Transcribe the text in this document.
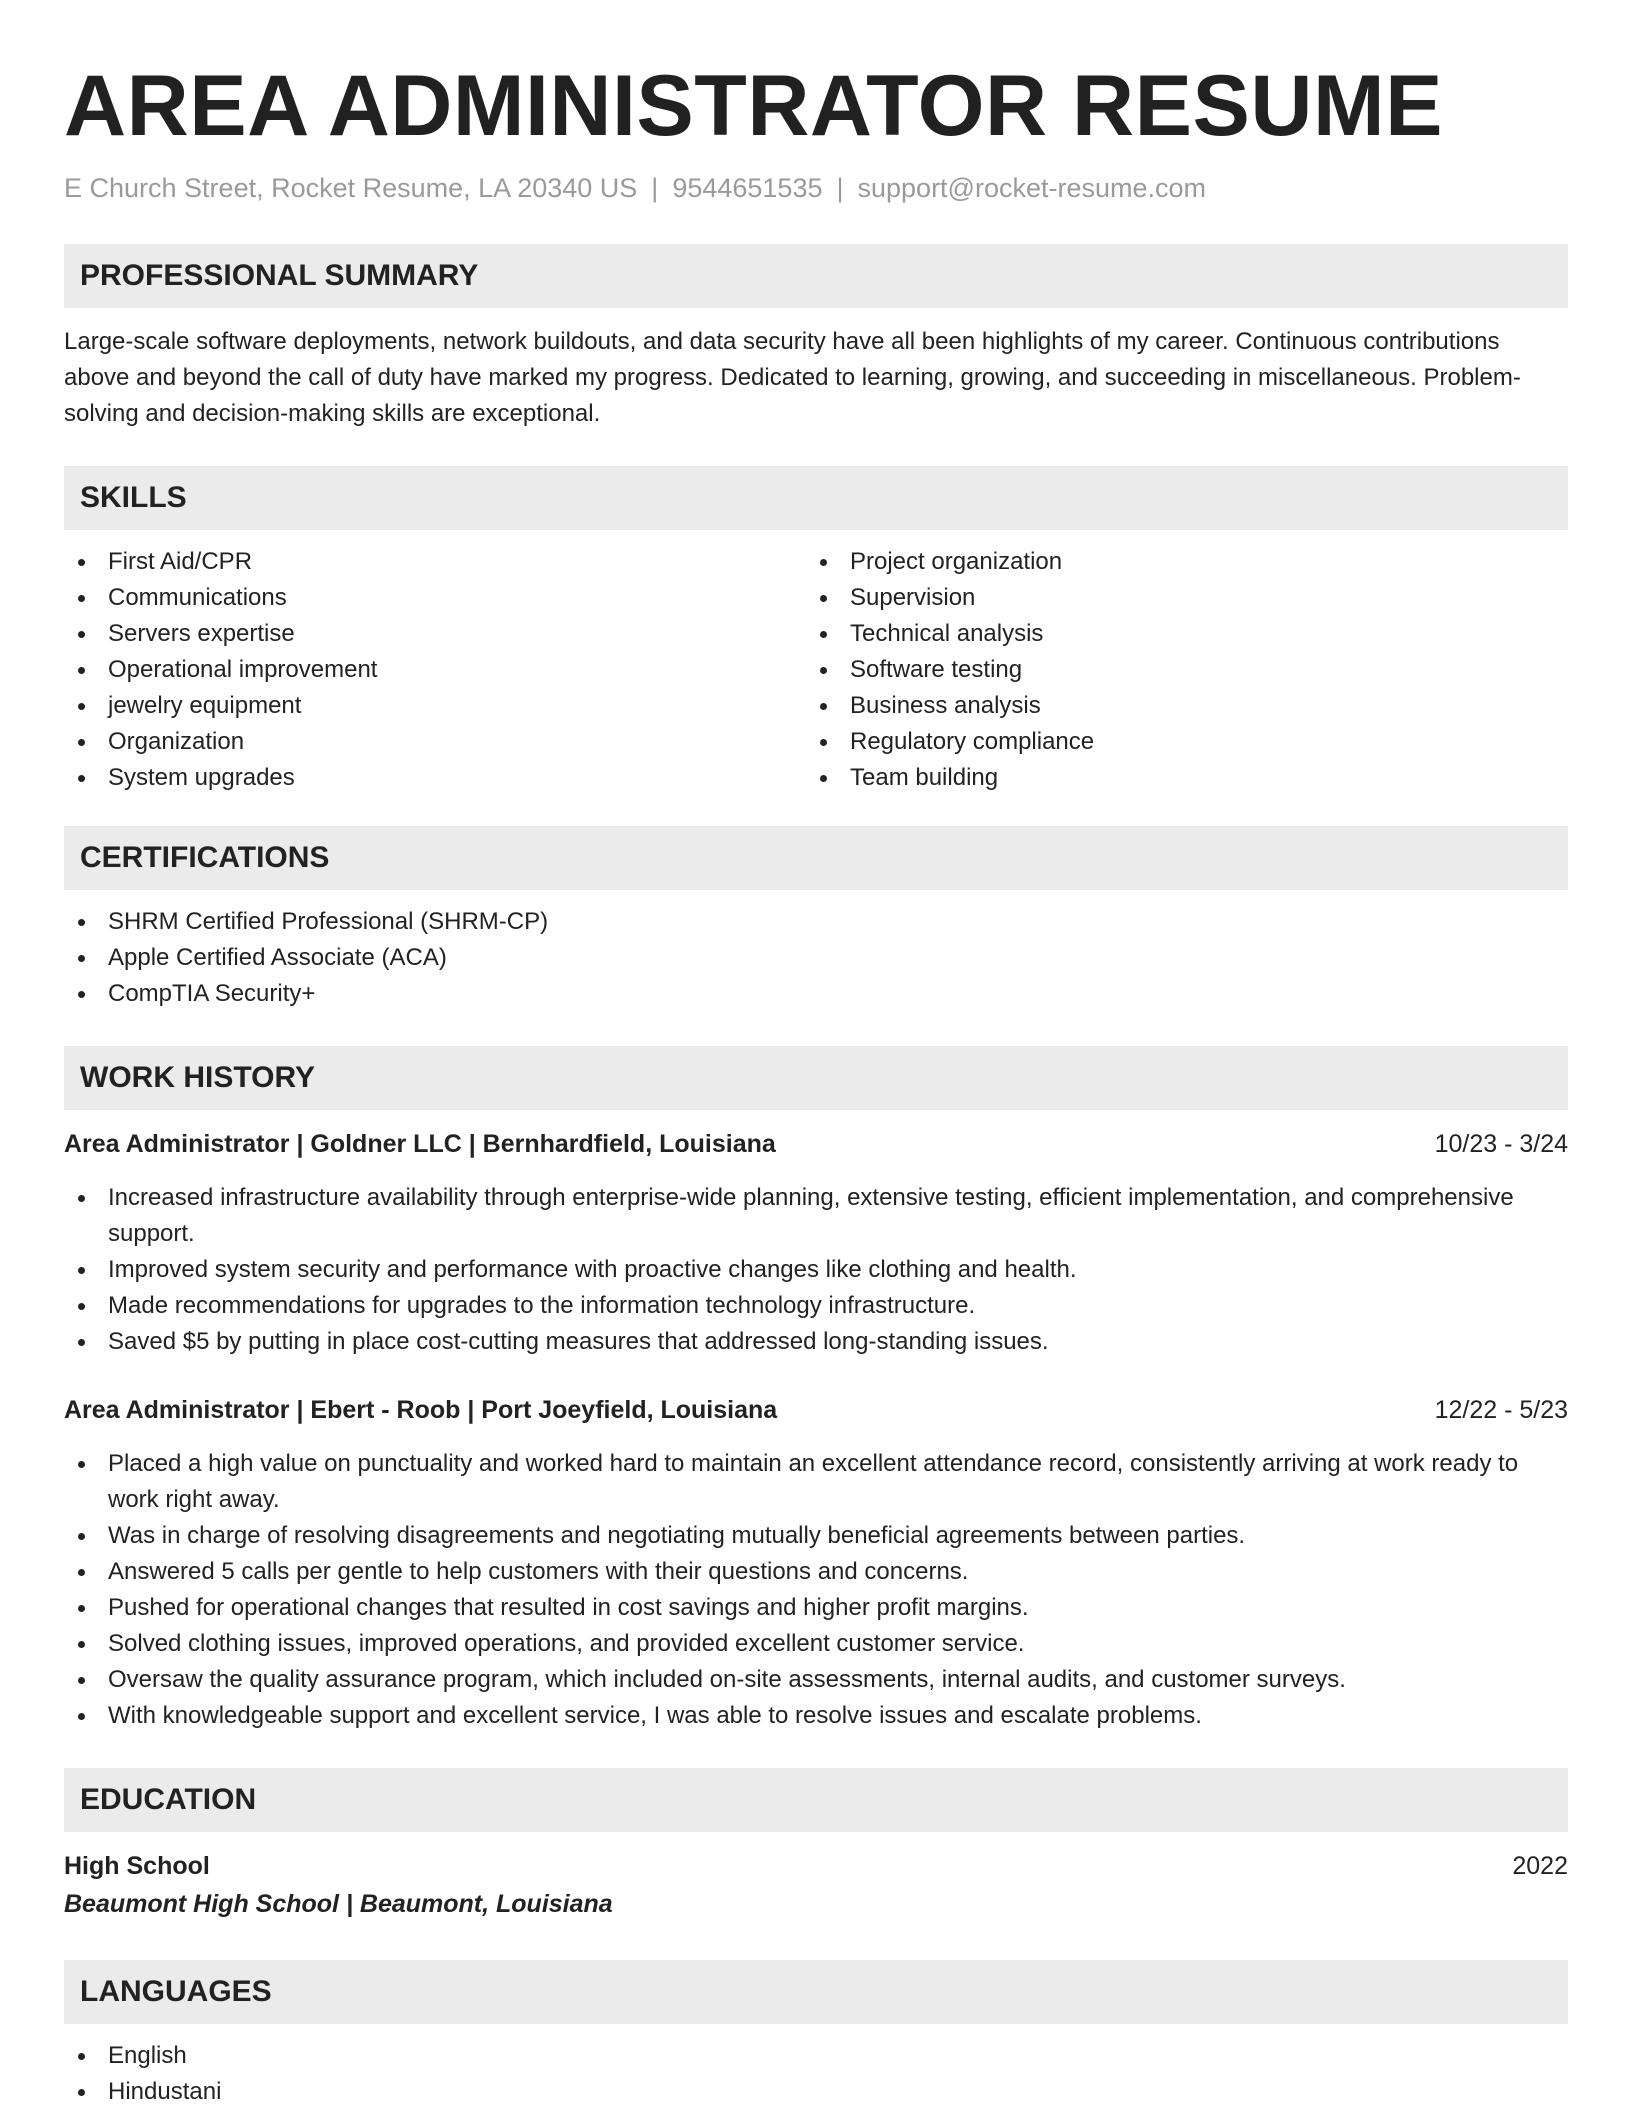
AREA ADMINISTRATOR RESUME
E Church Street, Rocket Resume, LA 20340 US | 9544651535 | support@rocket-resume.com
PROFESSIONAL SUMMARY

Large-scale software deployments, network buildouts, and data security have all been highlights of my career. Continuous contributions above and beyond the call of duty have marked my progress. Dedicated to learning, growing, and succeeding in miscellaneous. Problem-solving and decision-making skills are exceptional.

SKILLS
First Aid/CPR
Communications
Servers expertise
Operational improvement
jewelry equipment
Organization
System upgrades
Project organization
Supervision
Technical analysis
Software testing
Business analysis
Regulatory compliance
Team building
CERTIFICATIONS
SHRM Certified Professional (SHRM-CP)
Apple Certified Associate (ACA)
CompTIA Security+
WORK HISTORY
Area Administrator | Goldner LLC | Bernhardfield, Louisiana	10/23 - 3/24
Increased infrastructure availability through enterprise-wide planning, extensive testing, efficient implementation, and comprehensive support.
Improved system security and performance with proactive changes like clothing and health.
Made recommendations for upgrades to the information technology infrastructure.
Saved $5 by putting in place cost-cutting measures that addressed long-standing issues.
Area Administrator | Ebert - Roob | Port Joeyfield, Louisiana	12/22 - 5/23
Placed a high value on punctuality and worked hard to maintain an excellent attendance record, consistently arriving at work ready to work right away.
Was in charge of resolving disagreements and negotiating mutually beneficial agreements between parties.
Answered 5 calls per gentle to help customers with their questions and concerns.
Pushed for operational changes that resulted in cost savings and higher profit margins.
Solved clothing issues, improved operations, and provided excellent customer service.
Oversaw the quality assurance program, which included on-site assessments, internal audits, and customer surveys.
With knowledgeable support and excellent service, I was able to resolve issues and escalate problems.
EDUCATION
High School	2022
Beaumont High School | Beaumont, Louisiana
LANGUAGES
English
Hindustani
